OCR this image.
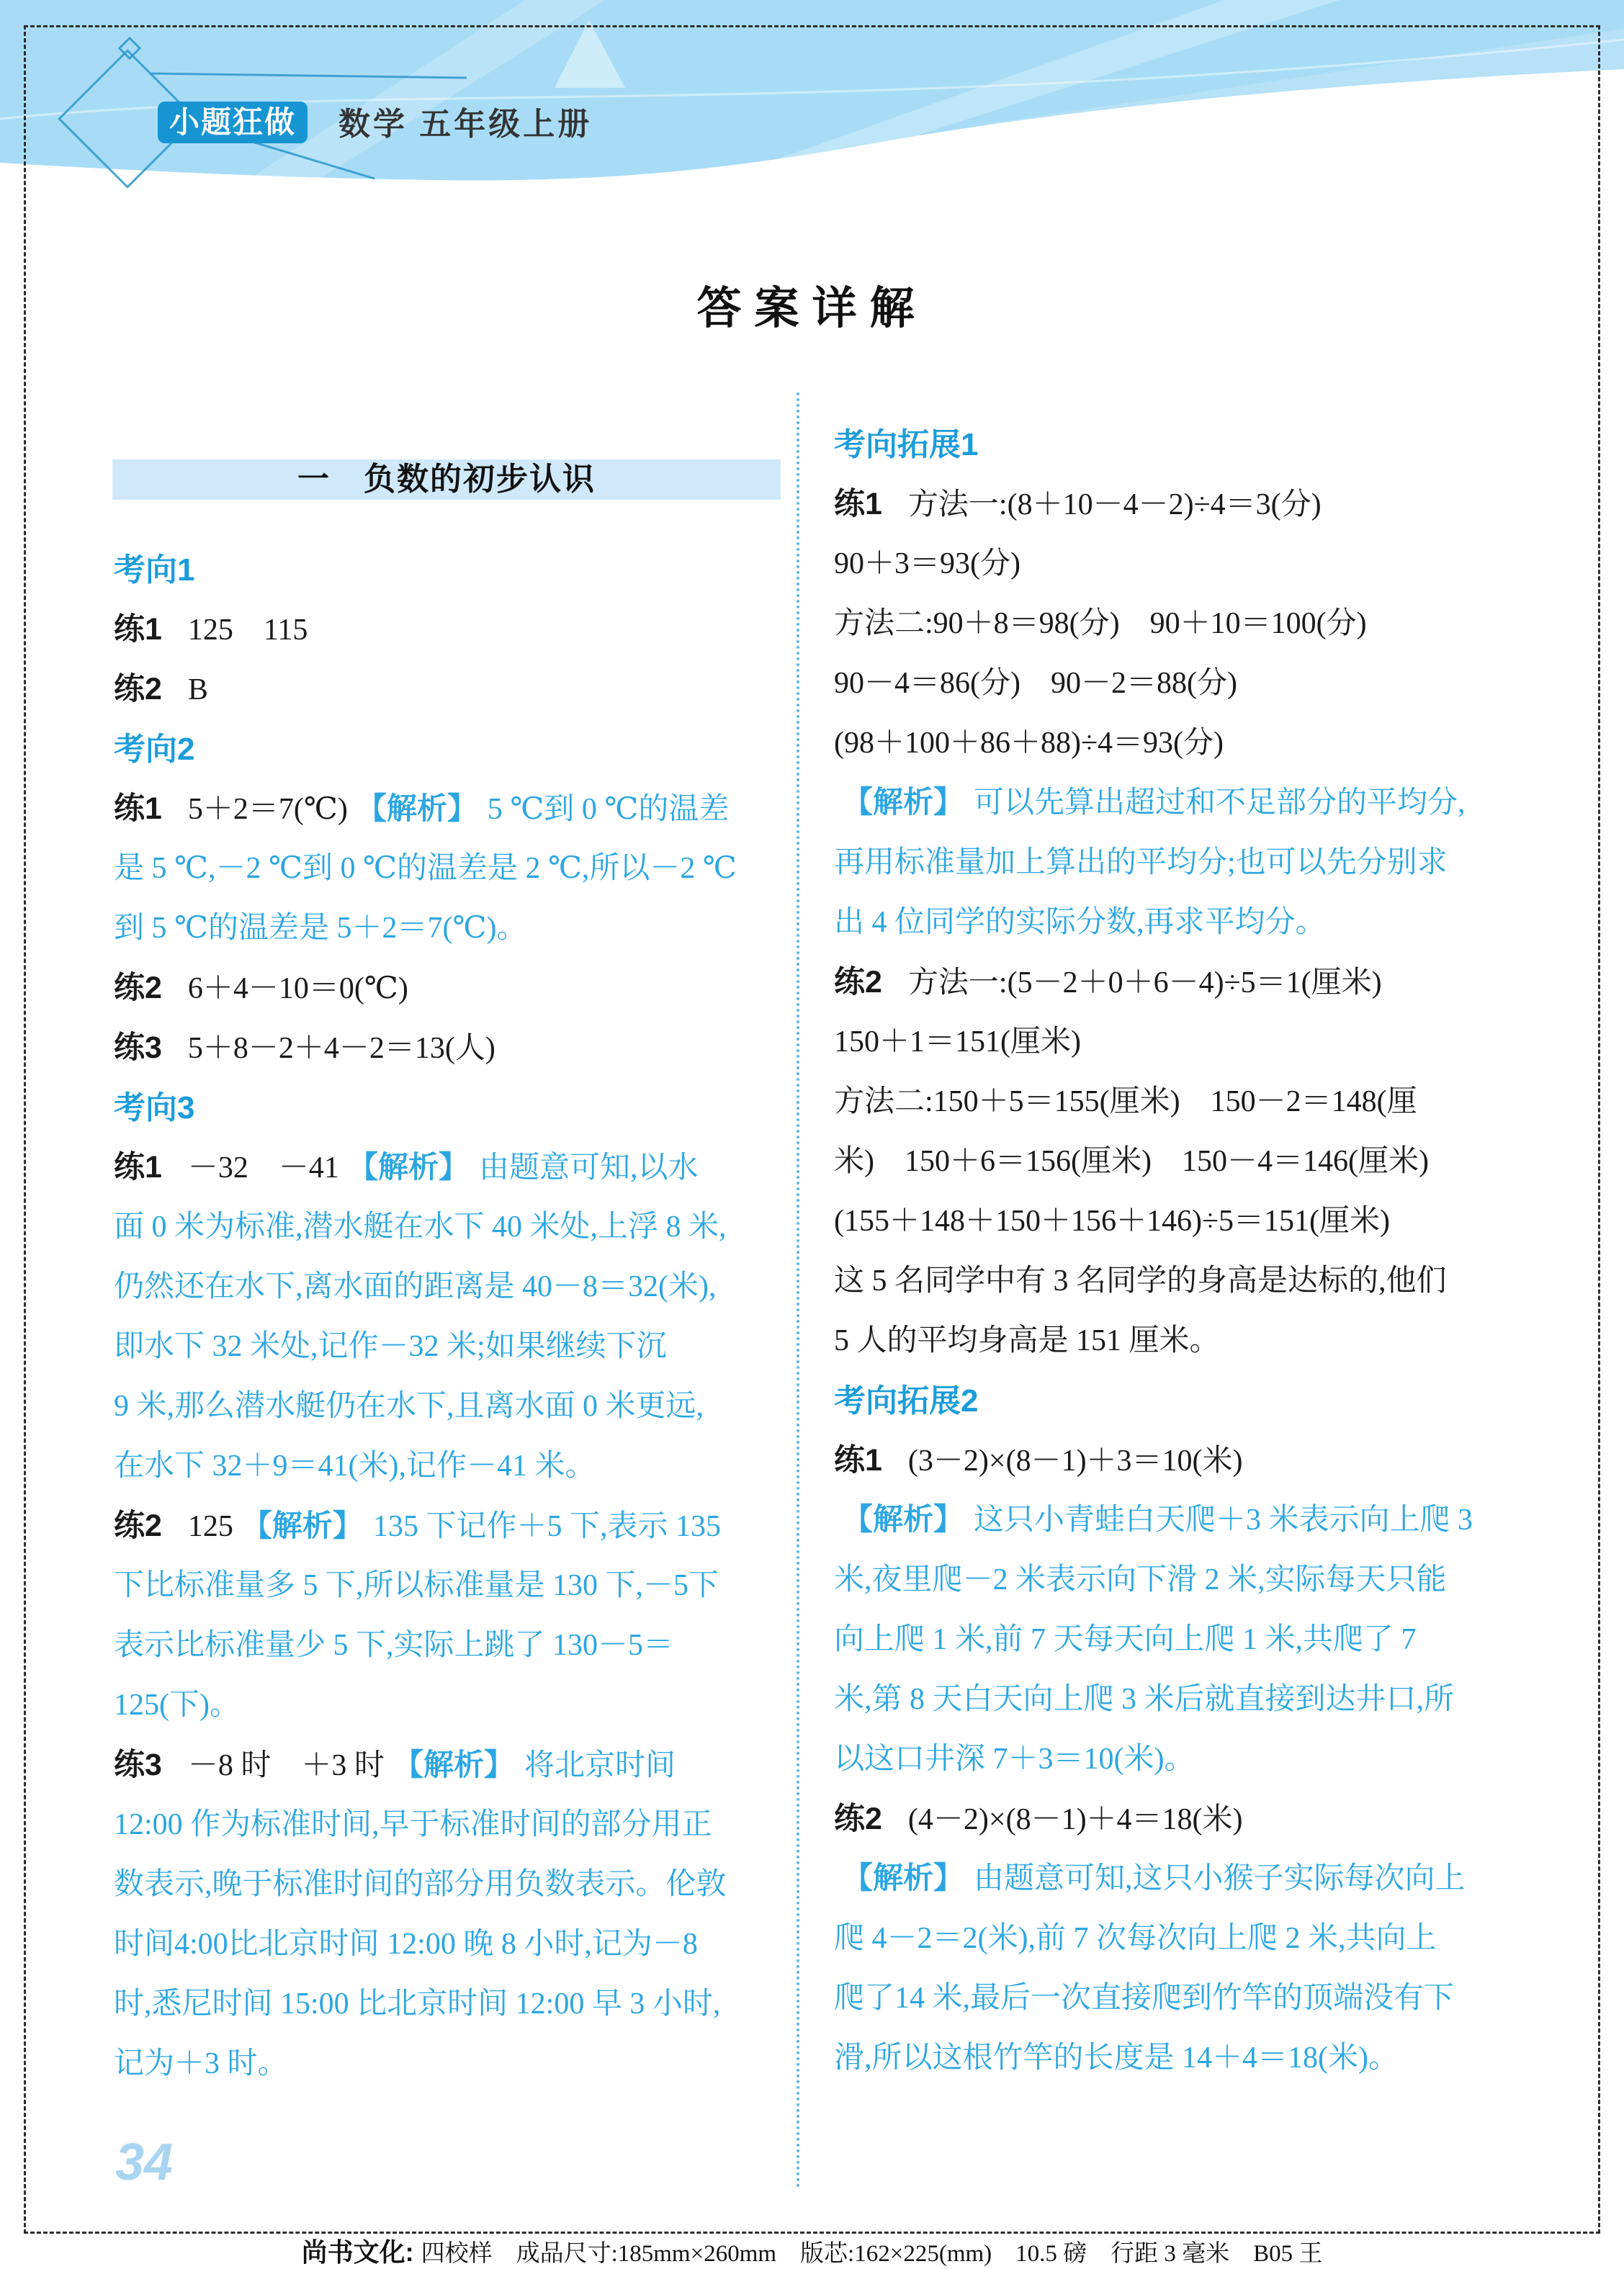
小题狂做	数学 五年级上册
答案详解
一　负数的初步认识
考向1
练1 125　115
练2 B
考向2
练1 5＋2＝7(℃) 【解析】 5 ℃到 0 ℃的温差
是 5 ℃,－2 ℃到 0 ℃的温差是 2 ℃,所以－2 ℃
到 5 ℃的温差是 5＋2＝7(℃)。
练2 6＋4－10＝0(℃)
练3 5＋8－2＋4－2＝13(人)
考向3
练1 －32　－41 【解析】 由题意可知,以水
面 0 米为标准,潜水艇在水下 40 米处,上浮 8 米,
仍然还在水下,离水面的距离是 40－8＝32(米),
即水下 32 米处,记作－32 米;如果继续下沉
9 米,那么潜水艇仍在水下,且离水面 0 米更远,
在水下 32＋9＝41(米),记作－41 米。
练2 125 【解析】 135 下记作＋5 下,表示 135
下比标准量多 5 下,所以标准量是 130 下,－5下
表示比标准量少 5 下,实际上跳了 130－5＝
125(下)。
练3 －8 时　＋3 时 【解析】 将北京时间
12:00 作为标准时间,早于标准时间的部分用正
数表示,晚于标准时间的部分用负数表示。伦敦
时间4:00比北京时间 12:00 晚 8 小时,记为－8
时,悉尼时间 15:00 比北京时间 12:00 早 3 小时,
记为＋3 时。
考向拓展1
练1 方法一:(8＋10－4－2)÷4＝3(分)
90＋3＝93(分)
方法二:90＋8＝98(分)　90＋10＝100(分)
90－4＝86(分)　90－2＝88(分)
(98＋100＋86＋88)÷4＝93(分)
【解析】 可以先算出超过和不足部分的平均分,
再用标准量加上算出的平均分;也可以先分别求
出 4 位同学的实际分数,再求平均分。
练2 方法一:(5－2＋0＋6－4)÷5＝1(厘米)
150＋1＝151(厘米)
方法二:150＋5＝155(厘米)　150－2＝148(厘
米)　150＋6＝156(厘米)　150－4＝146(厘米)
(155＋148＋150＋156＋146)÷5＝151(厘米)
这 5 名同学中有 3 名同学的身高是达标的,他们
5 人的平均身高是 151 厘米。
考向拓展2
练1 (3－2)×(8－1)＋3＝10(米)
【解析】 这只小青蛙白天爬＋3 米表示向上爬 3
米,夜里爬－2 米表示向下滑 2 米,实际每天只能
向上爬 1 米,前 7 天每天向上爬 1 米,共爬了 7
米,第 8 天白天向上爬 3 米后就直接到达井口,所
以这口井深 7＋3＝10(米)。
练2 (4－2)×(8－1)＋4＝18(米)
【解析】 由题意可知,这只小猴子实际每次向上
爬 4－2＝2(米),前 7 次每次向上爬 2 米,共向上
爬了14 米,最后一次直接爬到竹竿的顶端没有下
滑,所以这根竹竿的长度是 14＋4＝18(米)。
34
尚书文化: 四校样　成品尺寸:185mm×260mm　版芯:162×225(mm)　10.5 磅　行距 3 毫米　B05 王
